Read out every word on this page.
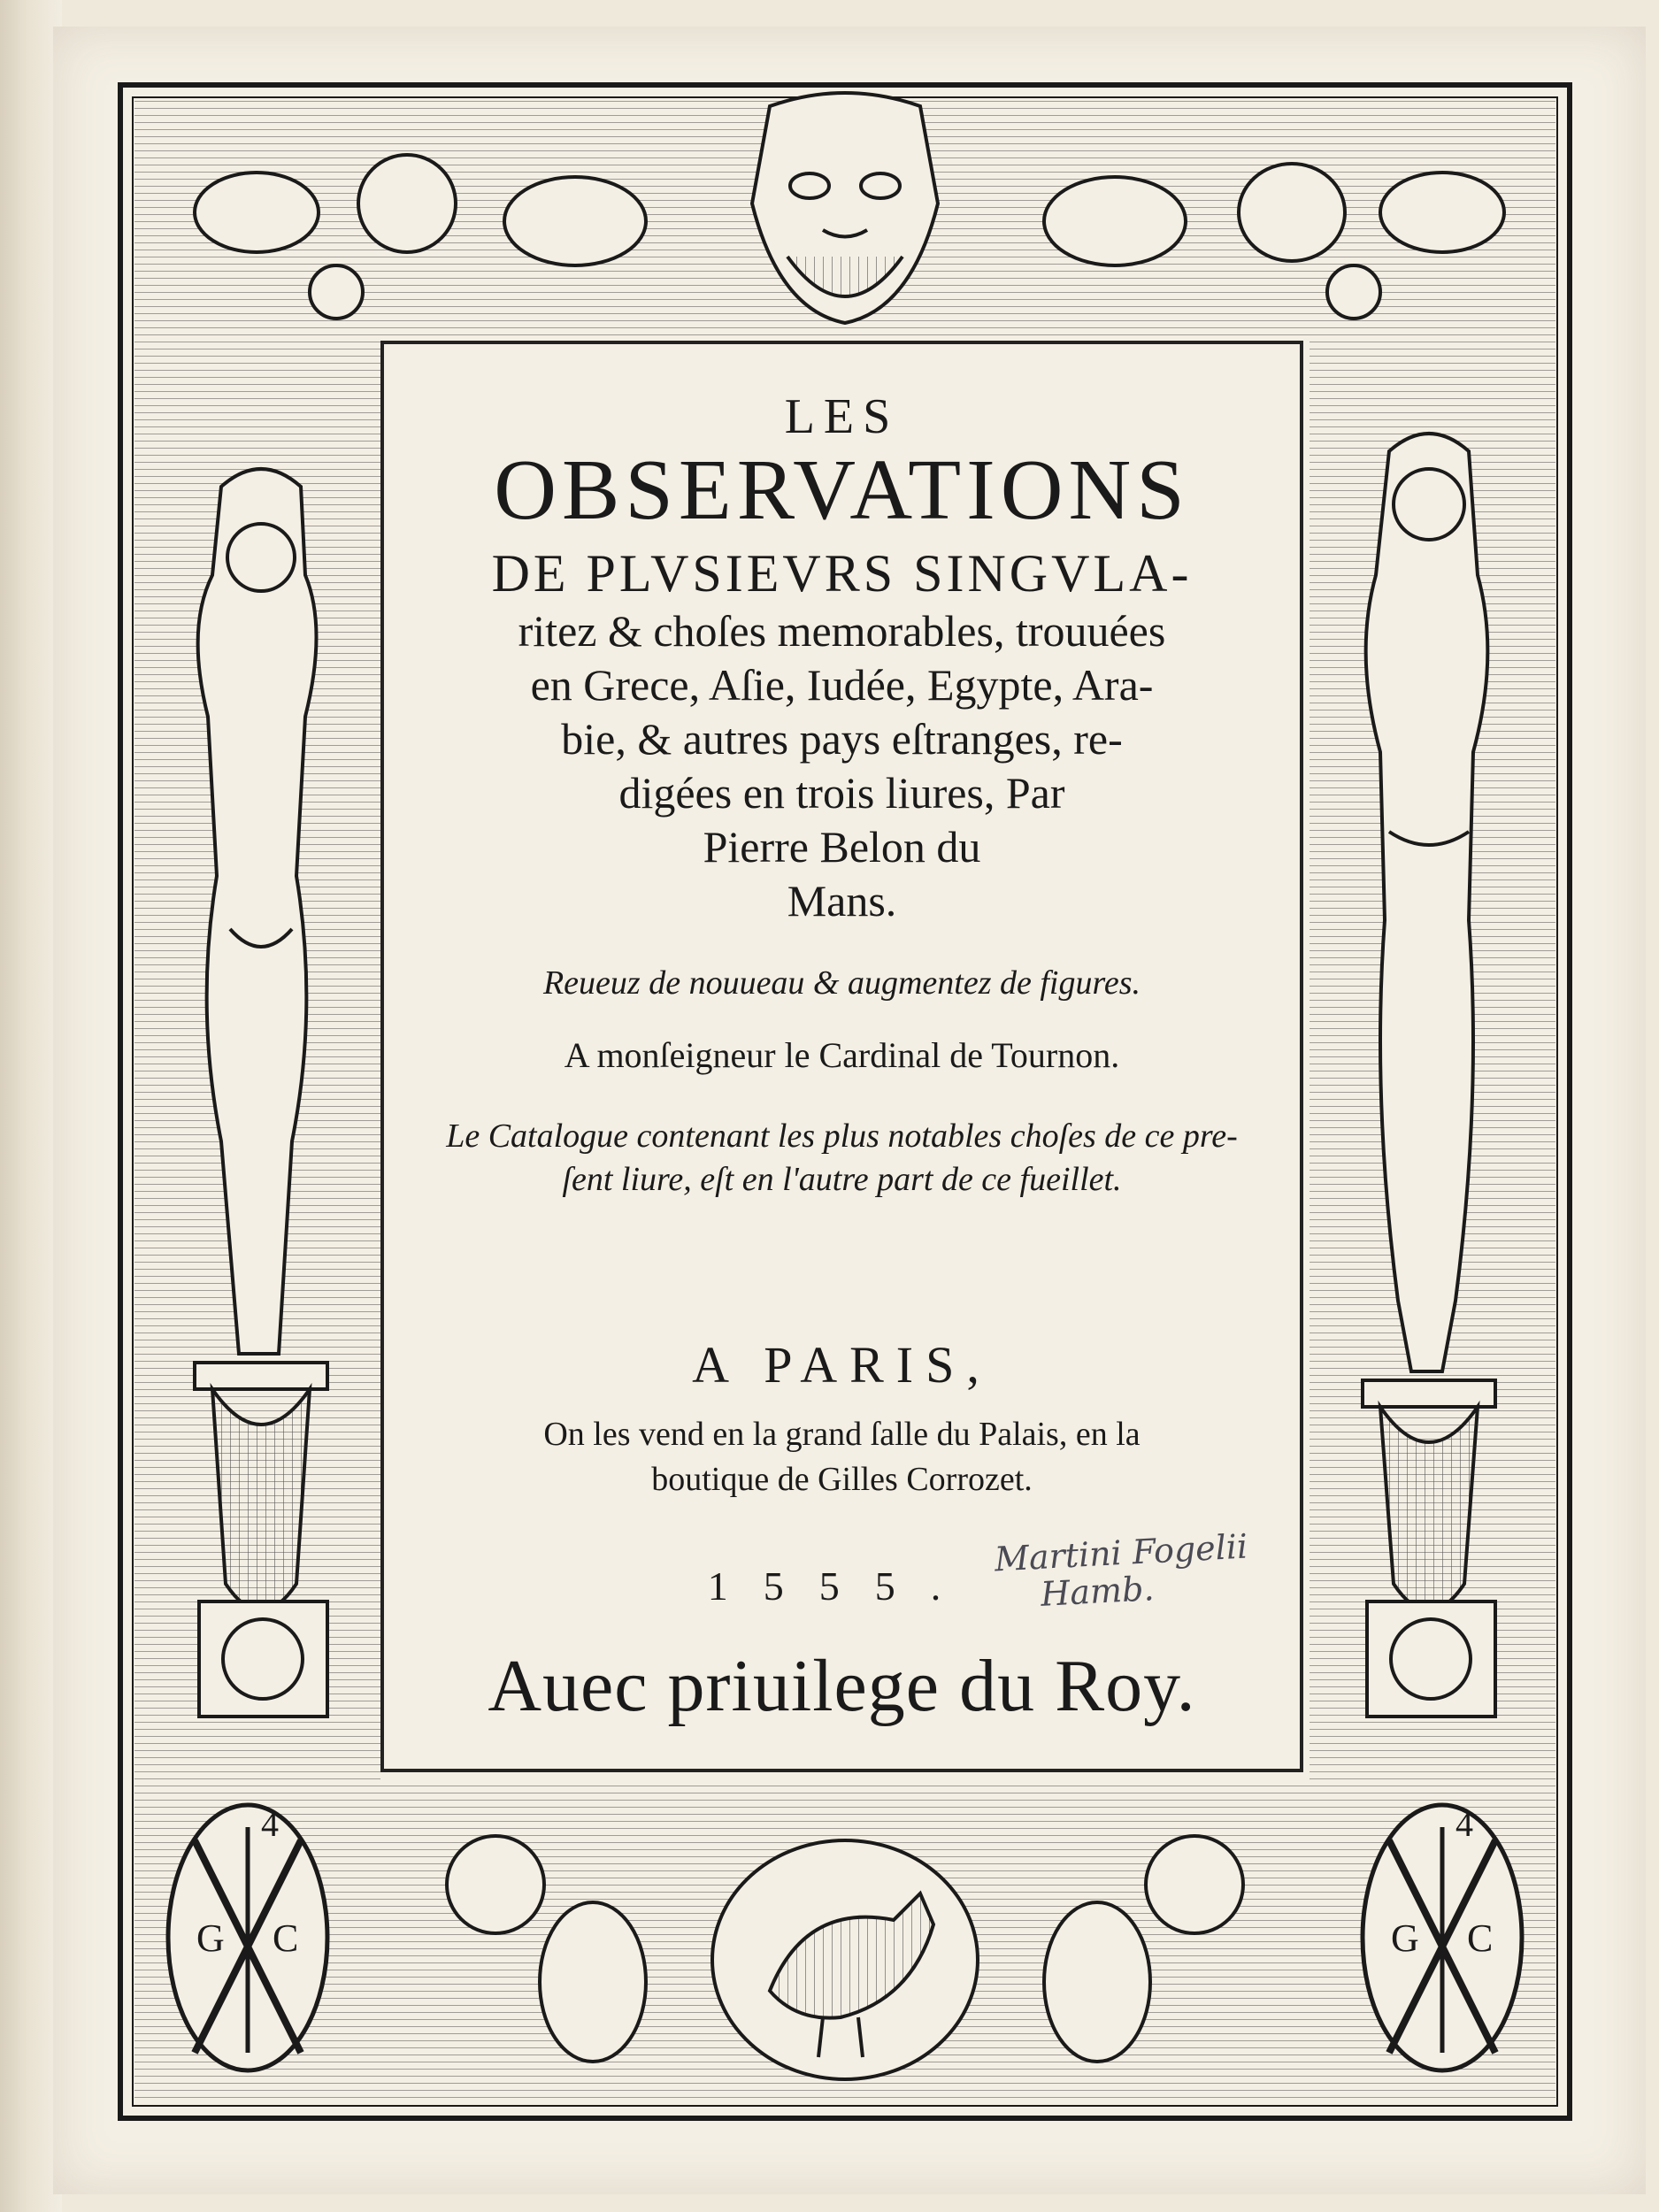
4
G C
4
G C
LES
OBSERVATIONS
DE PLVSIEVRS SINGVLA-
ritez & choſes memorables, trouuées
en Grece, Aſie, Iudée, Egypte, Ara-
bie, & autres pays eſtranges, re-
digées en trois liures, Par
Pierre Belon du
Mans.
Reueuz de nouueau & augmentez de figures.
A monſeigneur le Cardinal de Tournon.
Le Catalogue contenant les plus notables choſes de ce pre-
ſent liure, eſt en l'autre part de ce fueillet.
A PARIS,
On les vend en la grand ſalle du Palais, en la
boutique de Gilles Corrozet.
1555.
Auec priuilege du Roy.
Martini Fogelii
Hamb.
